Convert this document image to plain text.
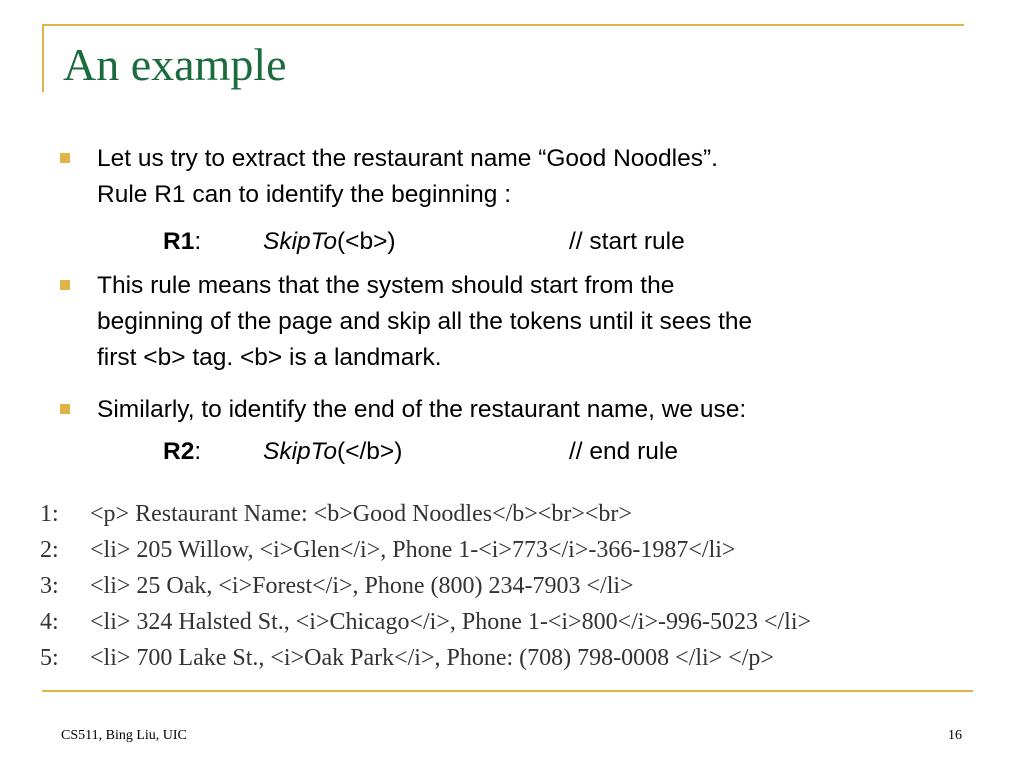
An example
Let us try to extract the restaurant name “Good Noodles”.
Rule R1 can to identify the beginning :
R1:	SkipTo(<b>)	// start rule
This rule means that the system should start from the
beginning of the page and skip all the tokens until it sees the
first <b> tag. <b> is a landmark.
Similarly, to identify the end of the restaurant name, we use:
R2:	SkipTo(</b>)	// end rule
1:	<p> Restaurant Name: <b>Good Noodles</b><br><br>
2:	<li> 205 Willow, <i>Glen</i>, Phone 1-<i>773</i>-366-1987</li>
3:	<li> 25 Oak, <i>Forest</i>, Phone (800) 234-7903 </li>
4:	<li> 324 Halsted St., <i>Chicago</i>, Phone 1-<i>800</i>-996-5023 </li>
5:	<li> 700 Lake St., <i>Oak Park</i>, Phone: (708) 798-0008 </li> </p>
CS511, Bing Liu, UIC	16
